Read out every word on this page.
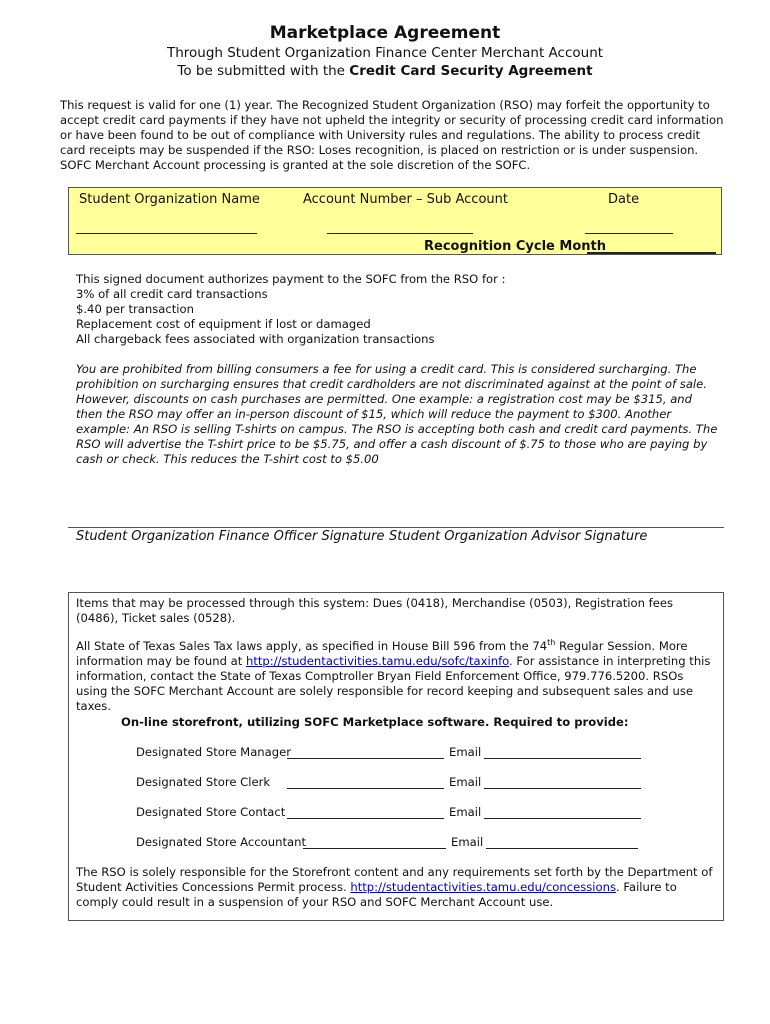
Marketplace Agreement
Through Student Organization Finance Center Merchant Account
To be submitted with the Credit Card Security Agreement
This request is valid for one (1) year. The Recognized Student Organization (RSO) may forfeit the opportunity to accept credit card payments if they have not upheld the integrity or security of processing credit card information or have been found to be out of compliance with University rules and regulations. The ability to process credit card receipts may be suspended if the RSO: Loses recognition, is placed on restriction or is under suspension. SOFC Merchant Account processing is granted at the sole discretion of the SOFC.
Student Organization Name	Account Number – Sub Account	Date
Recognition Cycle Month
This signed document authorizes payment to the SOFC from the RSO for :
3% of all credit card transactions
$.40 per transaction
Replacement cost of equipment if lost or damaged
All chargeback fees associated with organization transactions
You are prohibited from billing consumers a fee for using a credit card. This is considered surcharging. The prohibition on surcharging ensures that credit cardholders are not discriminated against at the point of sale. However, discounts on cash purchases are permitted. One example: a registration cost may be $315, and then the RSO may offer an in-person discount of $15, which will reduce the payment to $300. Another example: An RSO is selling T-shirts on campus. The RSO is accepting both cash and credit card payments. The RSO will advertise the T-shirt price to be $5.75, and offer a cash discount of $.75 to those who are paying by cash or check. This reduces the T-shirt cost to $5.00
Student Organization Finance Officer Signature Student Organization Advisor Signature
Items that may be processed through this system: Dues (0418), Merchandise (0503), Registration fees (0486), Ticket sales (0528).
All State of Texas Sales Tax laws apply, as specified in House Bill 596 from the 74th Regular Session. More information may be found at http://studentactivities.tamu.edu/sofc/taxinfo. For assistance in interpreting this information, contact the State of Texas Comptroller Bryan Field Enforcement Office, 979.776.5200. RSOs using the SOFC Merchant Account are solely responsible for record keeping and subsequent sales and use taxes.
On-line storefront, utilizing SOFC Marketplace software. Required to provide:
Designated Store Manager	Email
Designated Store Clerk	Email
Designated Store Contact	Email
Designated Store Accountant	Email
The RSO is solely responsible for the Storefront content and any requirements set forth by the Department of Student Activities Concessions Permit process. http://studentactivities.tamu.edu/concessions. Failure to comply could result in a suspension of your RSO and SOFC Merchant Account use.
